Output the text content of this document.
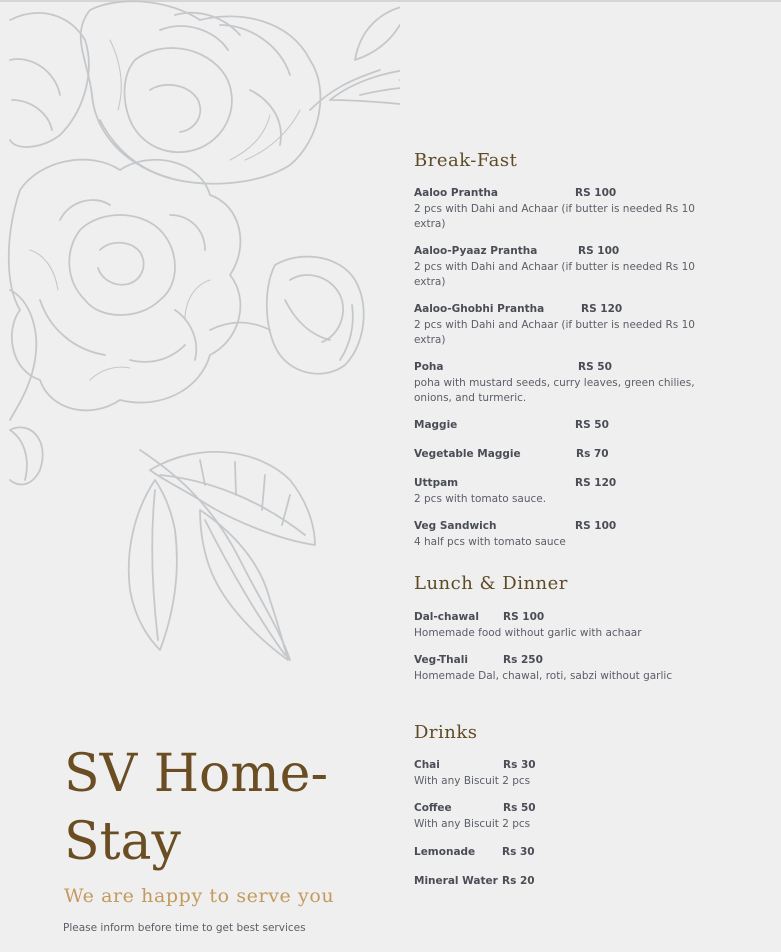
Break-Fast
Aaloo Prantha	RS 100
2 pcs with Dahi and Achaar (if butter is needed Rs 10 extra)
Aaloo-Pyaaz Prantha	RS 100
2 pcs with Dahi and Achaar (if butter is needed Rs 10 extra)
Aaloo-Ghobhi Prantha	RS 120
2 pcs with Dahi and Achaar (if butter is needed Rs 10 extra)
Poha	RS 50
poha with mustard seeds, curry leaves, green chilies, onions, and turmeric.
Maggie	RS 50
Vegetable Maggie	Rs 70
Uttpam	RS 120
2 pcs with tomato sauce.
Veg Sandwich	RS 100
4 half pcs with tomato sauce
Lunch & Dinner
Dal-chawal RS 100
Homemade food without garlic with achaar
Veg-Thali	Rs 250
Homemade Dal, chawal, roti, sabzi without garlic
Drinks
Chai	Rs 30
With any Biscuit 2 pcs
Coffee	Rs 50
With any Biscuit 2 pcs
Lemonade	Rs 30
Mineral Water Rs 20
SV Home-Stay
We are happy to serve you
Please inform before time to get best services
